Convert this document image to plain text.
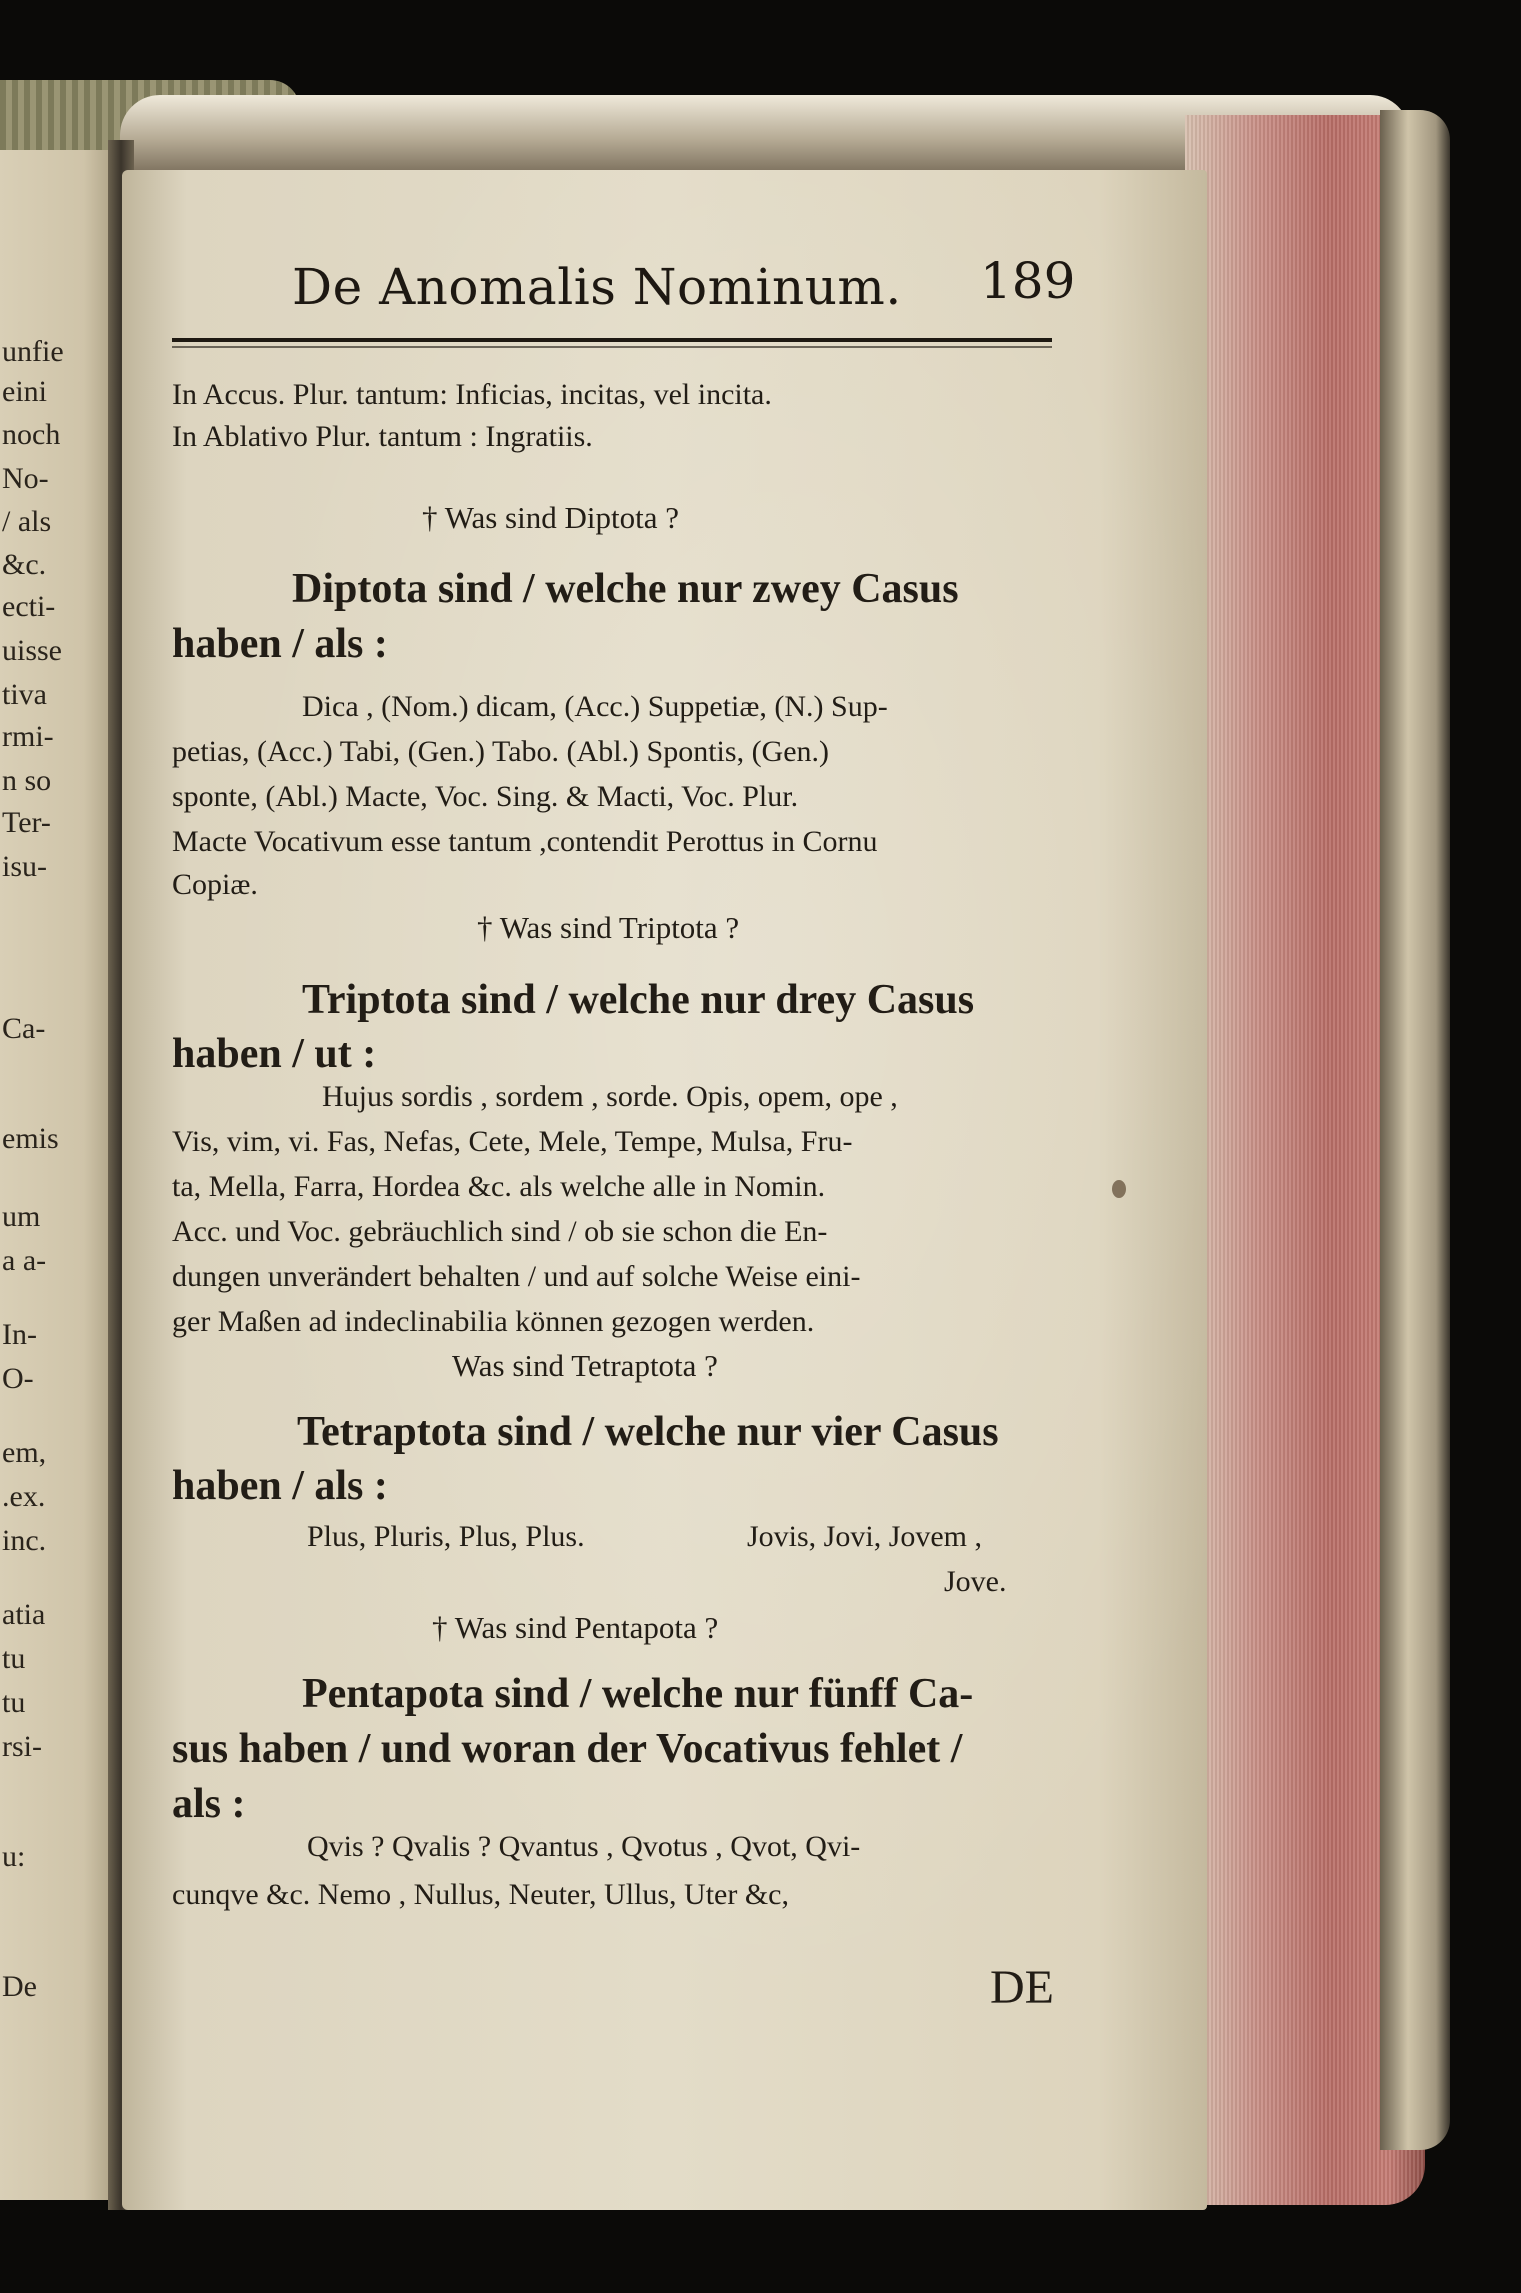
unfie
eini
noch
No-
/ als
&c.
ecti-
uisse
tiva
rmi-
n so
Ter-
isu-
Ca-
emis
um
a a-
In-
O-
em,
.ex.
inc.
atia
tu
tu
rsi-
u:
De
De Anomalis Nominum. 189
In Accus. Plur. tantum: Inficias, incitas, vel incita.
In Ablativo Plur. tantum : Ingratiis.
† Was sind Diptota ?
Diptota sind / welche nur zwey Casus
haben / als :
Dica , (Nom.) dicam, (Acc.) Suppetiæ, (N.) Sup-
petias, (Acc.) Tabi, (Gen.) Tabo. (Abl.) Spontis, (Gen.)
sponte, (Abl.) Macte, Voc. Sing. & Macti, Voc. Plur.
Macte Vocativum esse tantum ,contendit Perottus in Cornu
Copiæ.
† Was sind Triptota ?
Triptota sind / welche nur drey Casus
haben / ut :
Hujus sordis , sordem , sorde. Opis, opem, ope ,
Vis, vim, vi. Fas, Nefas, Cete, Mele, Tempe, Mulsa, Fru-
ta, Mella, Farra, Hordea &c. als welche alle in Nomin.
Acc. und Voc. gebräuchlich sind / ob sie schon die En-
dungen unverändert behalten / und auf solche Weise eini-
ger Maßen ad indeclinabilia können gezogen werden.
Was sind Tetraptota ?
Tetraptota sind / welche nur vier Casus
haben / als :
Plus, Pluris, Plus, Plus.	Jovis, Jovi, Jovem ,
Jove.
† Was sind Pentapota ?
Pentapota sind / welche nur fünff Ca-
sus haben / und woran der Vocativus fehlet /
als :
Qvis ? Qvalis ? Qvantus , Qvotus , Qvot, Qvi-
cunqve &c. Nemo , Nullus, Neuter, Ullus, Uter &c,
DE
